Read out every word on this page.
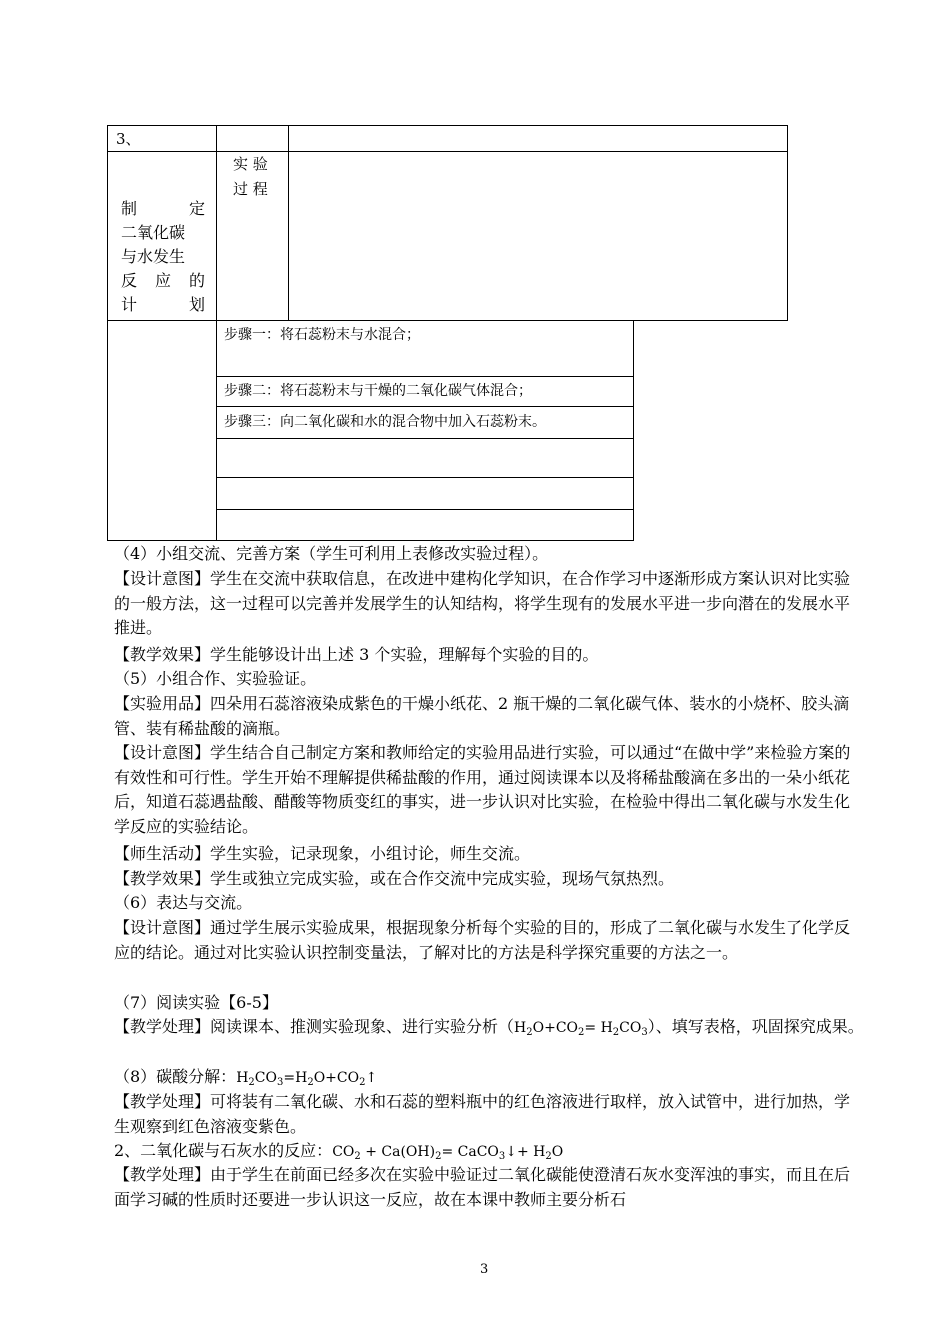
3、
实 验
过 程
制	定
二氧化碳
与水发生
反 应 的
计	划
步骤一：将石蕊粉末与水混合；
步骤二：将石蕊粉末与干燥的二氧化碳气体混合；
步骤三：向二氧化碳和水的混合物中加入石蕊粉末。

（4）小组交流、完善方案（学生可利用上表修改实验过程）。

【设计意图】学生在交流中获取信息，在改进中建构化学知识，在合作学习中逐渐形成方案认识对比实验的一般方法，这一过程可以完善并发展学生的认知结构，将学生现有的发展水平进一步向潜在的发展水平推进。

【教学效果】学生能够设计出上述 3 个实验，理解每个实验的目的。

（5）小组合作、实验验证。

【实验用品】四朵用石蕊溶液染成紫色的干燥小纸花、2 瓶干燥的二氧化碳气体、装水的小烧杯、胶头滴管、装有稀盐酸的滴瓶。

【设计意图】学生结合自己制定方案和教师给定的实验用品进行实验，可以通过“在做中学”来检验方案的有效性和可行性。学生开始不理解提供稀盐酸的作用，通过阅读课本以及将稀盐酸滴在多出的一朵小纸花后，知道石蕊遇盐酸、醋酸等物质变红的事实，进一步认识对比实验，在检验中得出二氧化碳与水发生化学反应的实验结论。

【师生活动】学生实验，记录现象，小组讨论，师生交流。

【教学效果】学生或独立完成实验，或在合作交流中完成实验，现场气氛热烈。

（6）表达与交流。

【设计意图】通过学生展示实验成果，根据现象分析每个实验的目的，形成了二氧化碳与水发生了化学反应的结论。通过对比实验认识控制变量法，了解对比的方法是科学探究重要的方法之一。

（7）阅读实验【6-5】

【教学处理】阅读课本、推测实验现象、进行实验分析$(H_2O+CO_2= H_2CO_3)$、填写表格，巩固探究成果。

（8）碳酸分解：$H_2CO_3=H_2O+CO_2↑$

【教学处理】可将装有二氧化碳、水和石蕊的塑料瓶中的红色溶液进行取样，放入试管中，进行加热，学生观察到红色溶液变紫色。

2、二氧化碳与石灰水的反应：$CO_2 + Ca(OH)_2=$ CaCO$_3$↓+ $H_2O$

【教学处理】由于学生在前面已经多次在实验中验证过二氧化碳能使澄清石灰水变浑浊的事实，而且在后面学习碱的性质时还要进一步认识这一反应，故在本课中教师主要分析石

3
